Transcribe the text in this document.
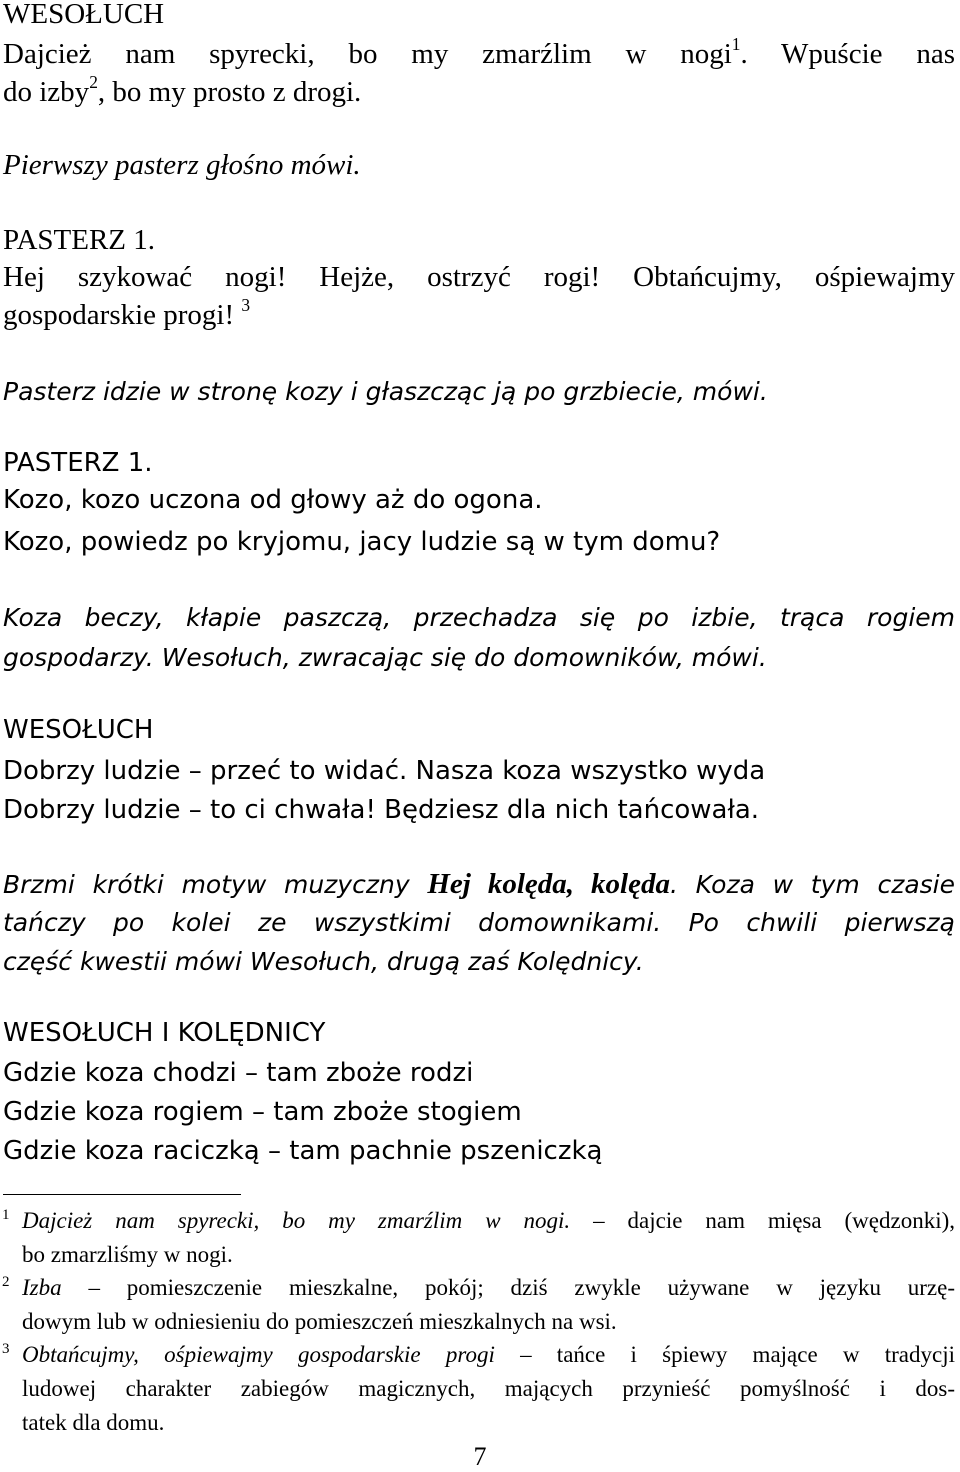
WESOŁUCH

Dajcież nam spyrecki, bo my zmarźlim w nogi$^1$. Wpuście nas

do izby$^2$, bo my prosto z drogi.

Pierwszy pasterz głośno mówi.

PASTERZ 1.

Hej szykować nogi! Hejże, ostrzyć rogi! Obtańcujmy, ośpiewajmy

gospodarskie progi! $^3$

Pasterz idzie w stronę kozy i głaszcząc ją po grzbiecie, mówi.

PASTERZ 1.

Kozo, kozo uczona od głowy aż do ogona.

Kozo, powiedz po kryjomu, jacy ludzie są w tym domu?

Koza beczy, kłapie paszczą, przechadza się po izbie, trąca rogiem

gospodarzy. Wesołuch, zwracając się do domowników, mówi.

WESOŁUCH

Dobrzy ludzie – przeć to widać. Nasza koza wszystko wyda

Dobrzy ludzie – to ci chwała! Będziesz dla nich tańcowała.

Brzmi krótki motyw muzyczny Hej kolęda, kolęda. Koza w tym czasie

tańczy po kolei ze wszystkimi domownikami. Po chwili pierwszą

część kwestii mówi Wesołuch, drugą zaś Kolędnicy.

WESOŁUCH I KOLĘDNICY

Gdzie koza chodzi – tam zboże rodzi

Gdzie koza rogiem – tam zboże stogiem

Gdzie koza raciczką – tam pachnie pszeniczką

1 Dajcież nam spyrecki, bo my zmarźlim w nogi. – dajcie nam mięsa (wędzonki),
bo zmarzliśmy w nogi.
2 Izba – pomieszczenie mieszkalne, pokój; dziś zwykle używane w języku urzę-
dowym lub w odniesieniu do pomieszczeń mieszkalnych na wsi.
3 Obtańcujmy, ośpiewajmy gospodarskie progi – tańce i śpiewy mające w tradycji
ludowej charakter zabiegów magicznych, mających przynieść pomyślność i dos-
tatek dla domu.
7
